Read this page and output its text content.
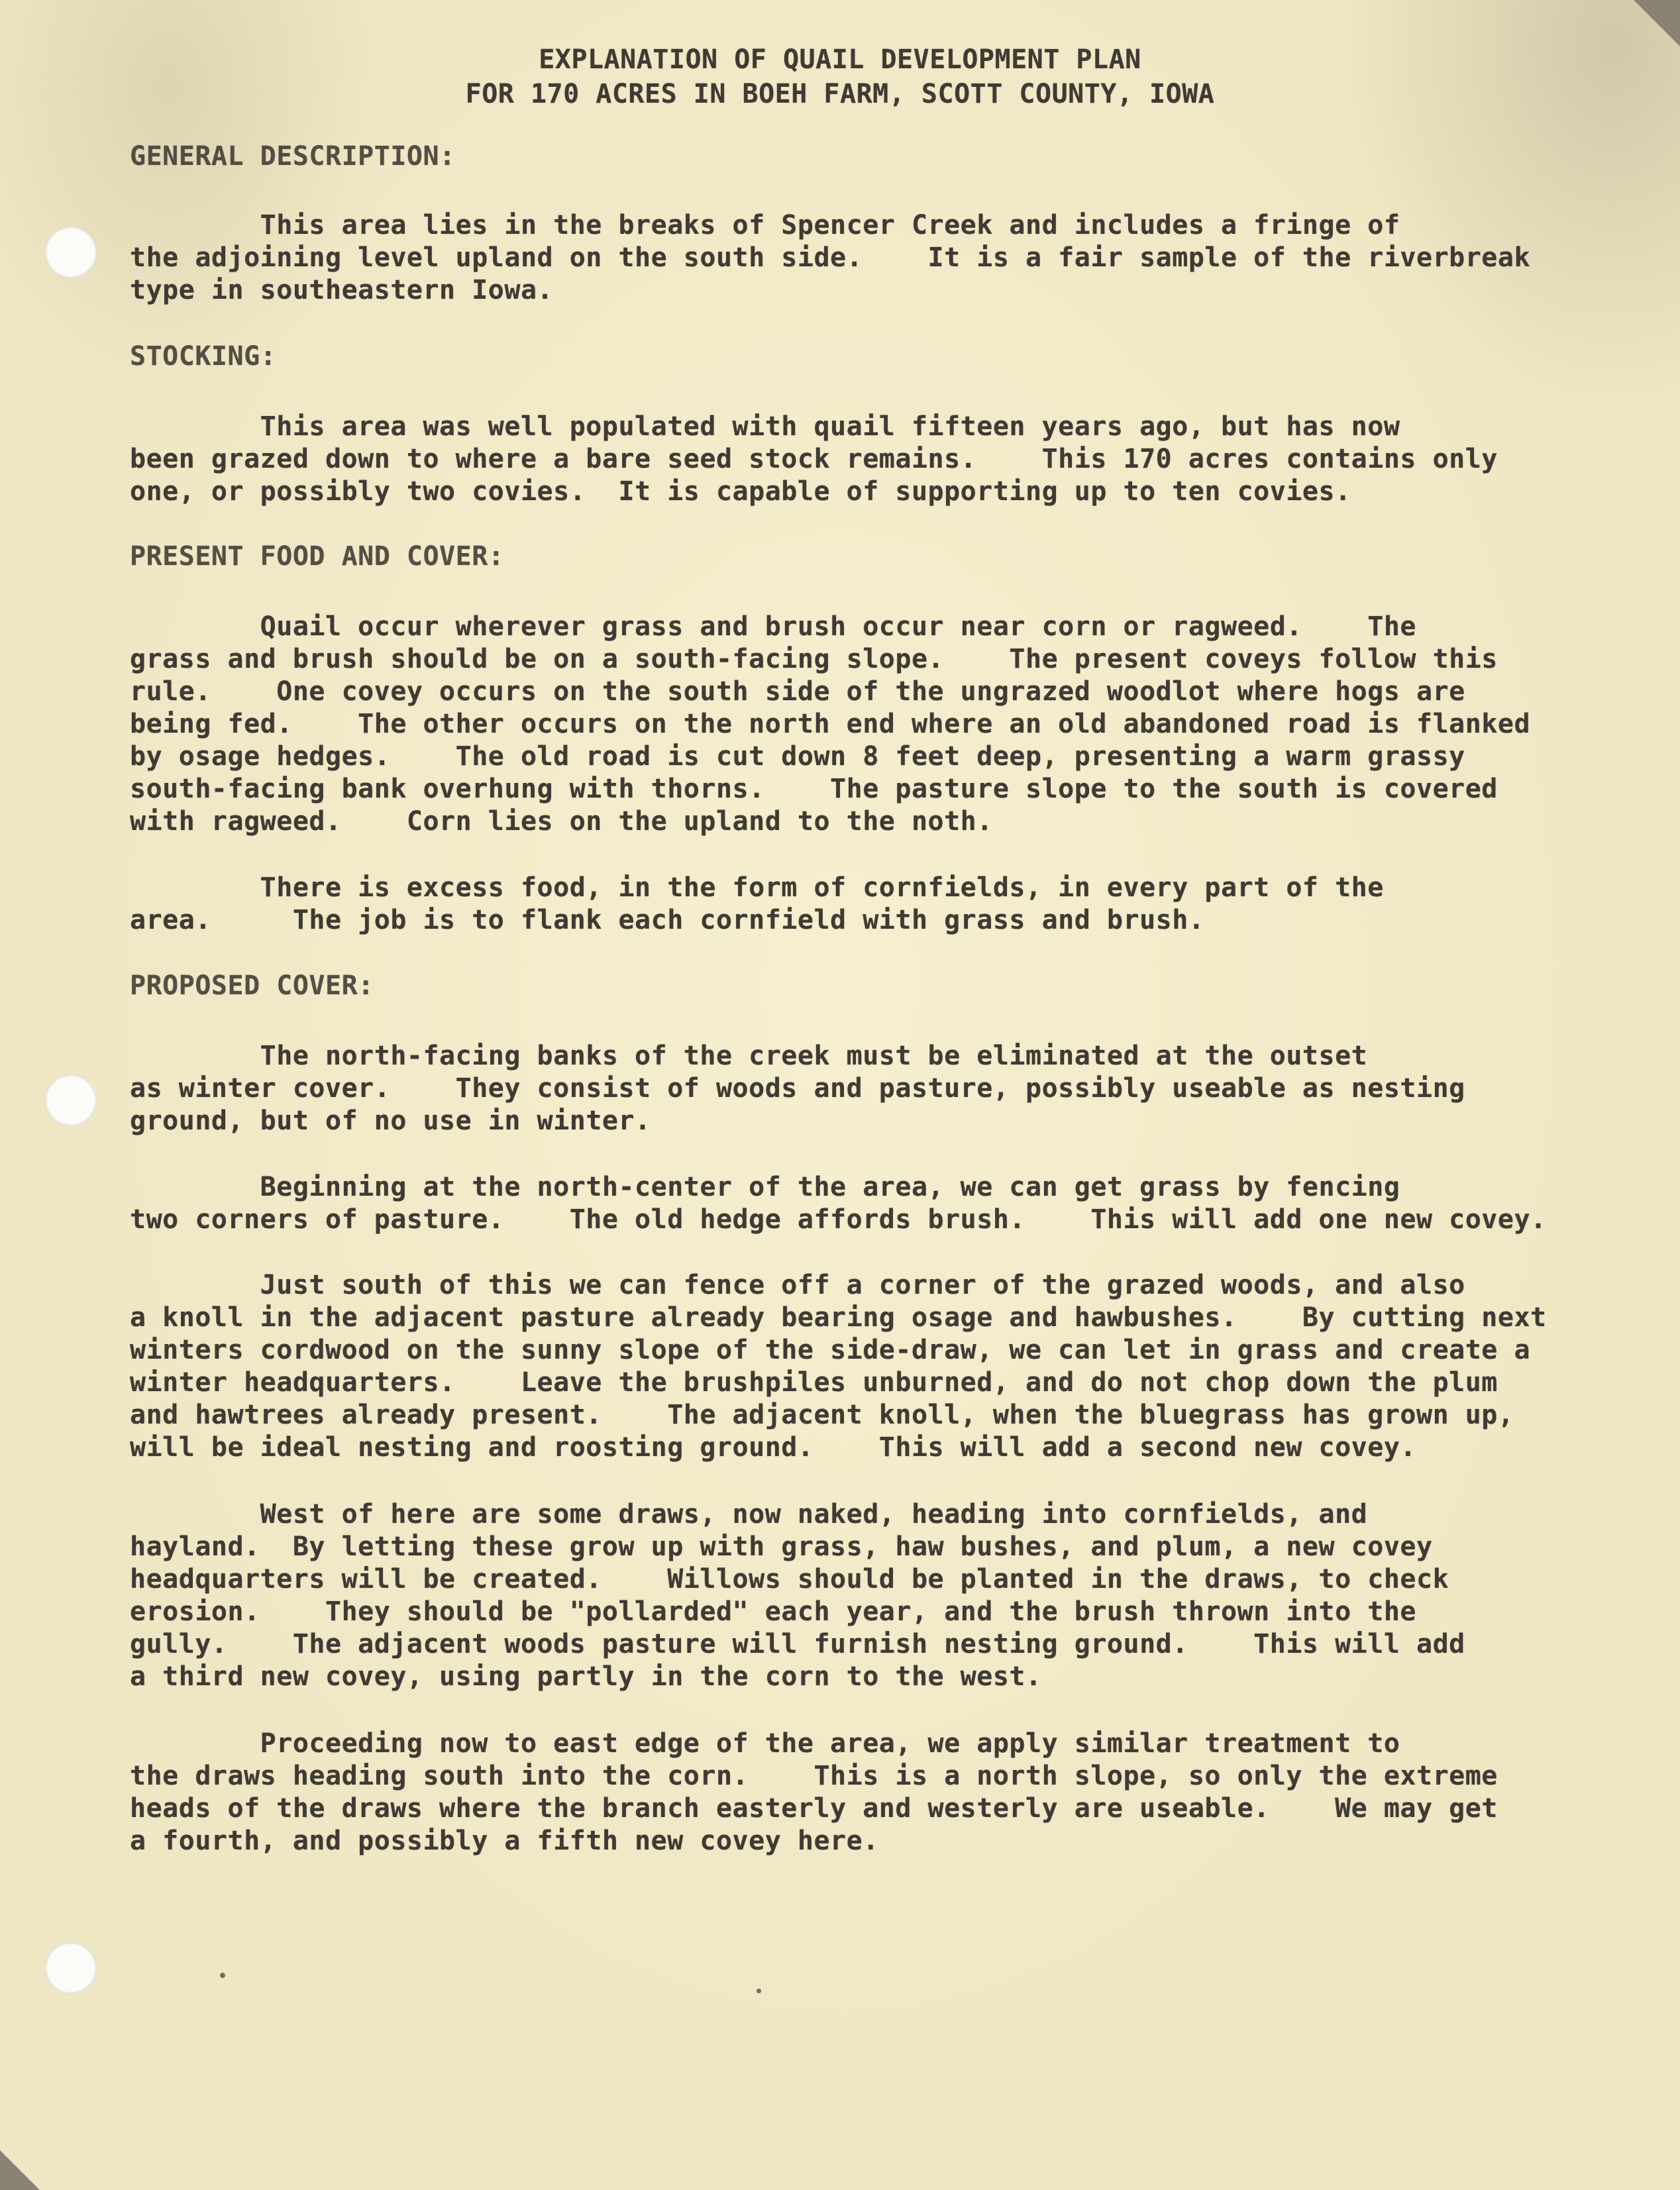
EXPLANATION OF QUAIL DEVELOPMENT PLAN
FOR 170 ACRES IN BOEH FARM, SCOTT COUNTY, IOWA
GENERAL DESCRIPTION:
This area lies in the breaks of Spencer Creek and includes a fringe of
the adjoining level upland on the south side.    It is a fair sample of the riverbreak
type in southeastern Iowa.
STOCKING:
This area was well populated with quail fifteen years ago, but has now
been grazed down to where a bare seed stock remains.    This 170 acres contains only
one, or possibly two covies.  It is capable of supporting up to ten covies.
PRESENT FOOD AND COVER:
Quail occur wherever grass and brush occur near corn or ragweed.    The
grass and brush should be on a south-facing slope.    The present coveys follow this
rule.    One covey occurs on the south side of the ungrazed woodlot where hogs are
being fed.    The other occurs on the north end where an old abandoned road is flanked
by osage hedges.    The old road is cut down 8 feet deep, presenting a warm grassy
south-facing bank overhung with thorns.    The pasture slope to the south is covered
with ragweed.    Corn lies on the upland to the noth.
There is excess food, in the form of cornfields, in every part of the
area.     The job is to flank each cornfield with grass and brush.
PROPOSED COVER:
The north-facing banks of the creek must be eliminated at the outset
as winter cover.    They consist of woods and pasture, possibly useable as nesting
ground, but of no use in winter.
Beginning at the north-center of the area, we can get grass by fencing
two corners of pasture.    The old hedge affords brush.    This will add one new covey.
Just south of this we can fence off a corner of the grazed woods, and also
a knoll in the adjacent pasture already bearing osage and hawbushes.    By cutting next
winters cordwood on the sunny slope of the side-draw, we can let in grass and create a
winter headquarters.    Leave the brushpiles unburned, and do not chop down the plum
and hawtrees already present.    The adjacent knoll, when the bluegrass has grown up,
will be ideal nesting and roosting ground.    This will add a second new covey.
West of here are some draws, now naked, heading into cornfields, and
hayland.  By letting these grow up with grass, haw bushes, and plum, a new covey
headquarters will be created.    Willows should be planted in the draws, to check
erosion.    They should be "pollarded" each year, and the brush thrown into the
gully.    The adjacent woods pasture will furnish nesting ground.    This will add
a third new covey, using partly in the corn to the west.
Proceeding now to east edge of the area, we apply similar treatment to
the draws heading south into the corn.    This is a north slope, so only the extreme
heads of the draws where the branch easterly and westerly are useable.    We may get
a fourth, and possibly a fifth new covey here.
